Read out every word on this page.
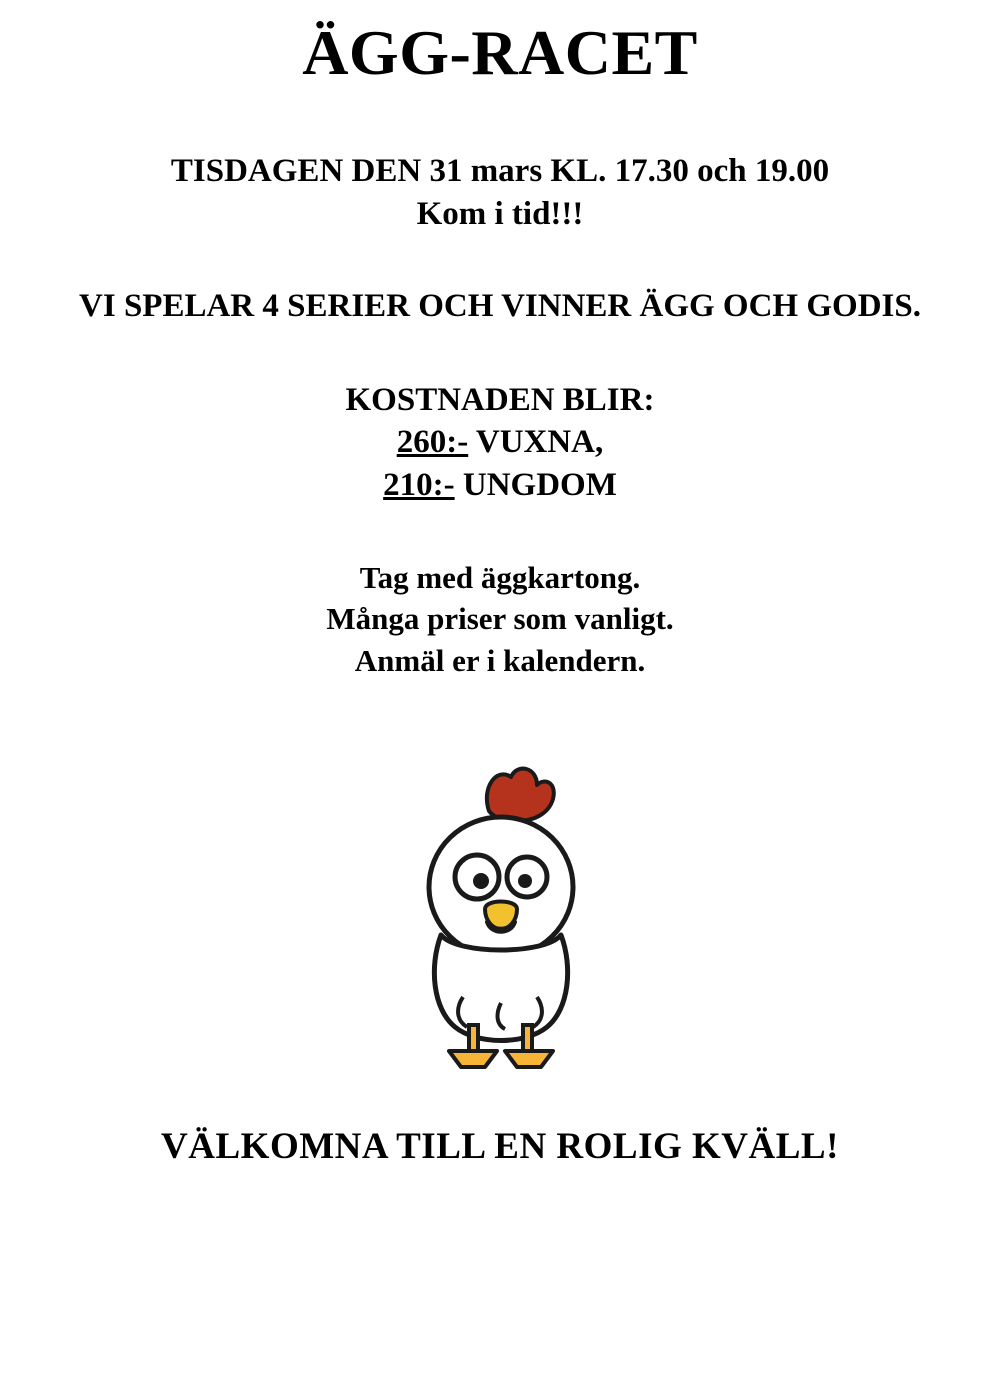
ÄGG-RACET
TISDAGEN DEN 31 mars KL. 17.30 och 19.00
Kom i tid!!!
VI SPELAR 4 SERIER OCH VINNER ÄGG OCH GODIS.
KOSTNADEN BLIR:
260:- VUXNA,
210:- UNGDOM
Tag med äggkartong.
Många priser som vanligt.
Anmäl er i kalendern.
VÄLKOMNA TILL EN ROLIG KVÄLL!
